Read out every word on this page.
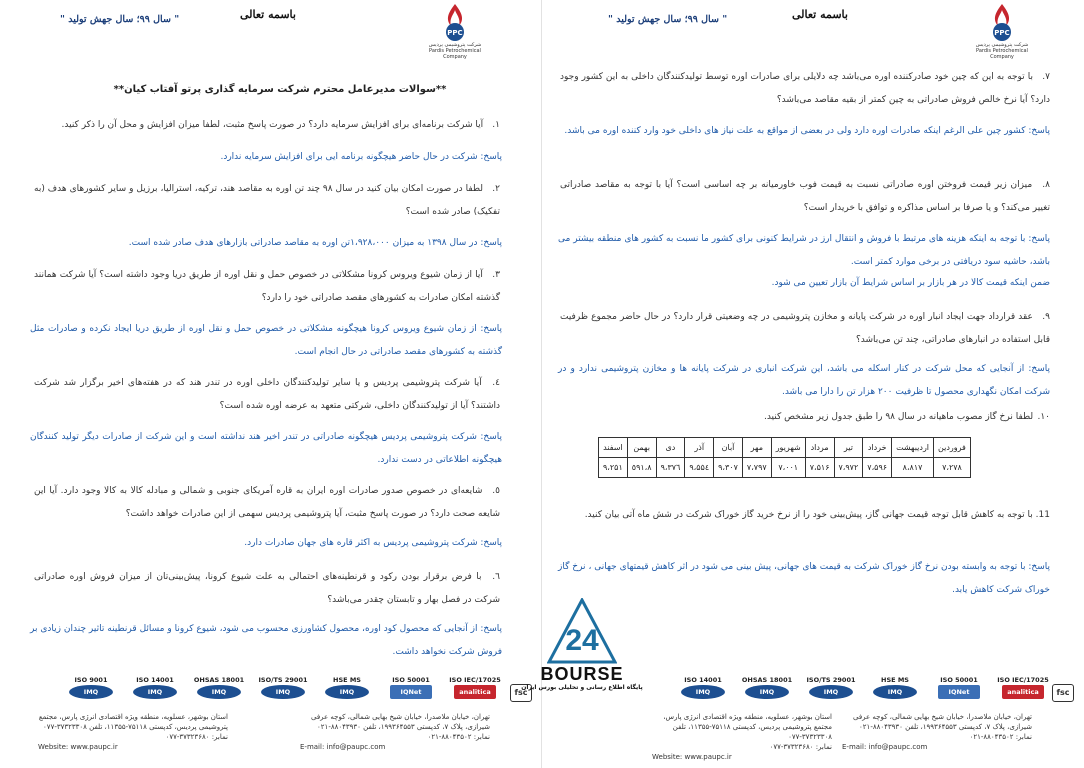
PPC
شرکت پتروشیمی پردیس
Pardis Petrochemical Company
باسمه تعالی
" سال ۹۹؛ سال جهش تولید "
**سوالات مدیرعامل محترم شرکت سرمایه گذاری پرتو آفتاب کیان**
۱. آیا شرکت برنامه‌ای برای افزایش سرمایه دارد؟ در صورت پاسخ مثبت، لطفا میزان افزایش و محل آن را ذکر کنید.
پاسخ: شرکت در حال حاضر هیچگونه برنامه ایی برای افزایش سرمایه ندارد.
۲. لطفا در صورت امکان بیان کنید در سال ۹۸ چند تن اوره به مقاصد هند، ترکیه، استرالیا، برزیل و سایر کشورهای هدف (به تفکیک) صادر شده است؟
پاسخ: در سال ۱۳۹۸ به میزان ۱،۹۲۸،۰۰۰تن اوره به مقاصد صادراتی بازارهای هدف صادر شده است.
۳. آیا از زمان شیوع ویروس کرونا مشکلاتی در خصوص حمل و نقل اوره از طریق دریا وجود داشته است؟ آیا شرکت همانند گذشته امکان صادرات به کشورهای مقصد صادراتی خود را دارد؟
پاسخ: از زمان شیوع ویروس کرونا هیچگونه مشکلاتی در خصوص حمل و نقل اوره از طریق دریا ایجاد نکرده و صادرات مثل گذشته به کشورهای مقصد صادراتی در حال انجام است.
٤. آیا شرکت پتروشیمی پردیس و یا سایر تولیدکنندگان داخلی اوره در تندر هند که در هفته‌های اخیر برگزار شد شرکت داشتند؟ آیا از تولیدکنندگان داخلی، شرکتی متعهد به عرضه اوره شده است؟
پاسخ: شرکت پتروشیمی پردیس هیچگونه صادراتی در تندر اخیر هند نداشته است و این شرکت از صادرات دیگر تولید کنندگان هیچگونه اطلاعاتی در دست ندارد.
٥. شایعه‌ای در خصوص صدور صادرات اوره ایران به قاره آمریکای جنوبی و شمالی و مبادله کالا به کالا وجود دارد. آیا این شایعه صحت دارد؟ در صورت پاسخ مثبت، آیا پتروشیمی پردیس سهمی از این صادرات خواهد داشت؟
پاسخ: شرکت پتروشیمی پردیس به اکثر قاره های جهان صادرات دارد.
٦. با فرض برقرار بودن رکود و قرنطینه‌های احتمالی به علت شیوع کرونا، پیش‌بینی‌تان از میزان فروش اوره صادراتی شرکت در فصل بهار و تابستان چقدر می‌باشد؟
پاسخ: از آنجایی که محصول کود اوره، محصول کشاورزی محسوب می شود، شیوع کرونا و مسائل قرنطینه تاثیر چندان زیادی بر فروش شرکت نخواهد داشت.
ISO IEC/17025
analitica
ISO 50001
IQNet
HSE MS
IMQ
ISO/TS 29001
IMQ
OHSAS 18001
IMQ
ISO 14001
IMQ
ISO 9001
IMQ	fsc
تهران، خیابان ملاصدرا، خیابان شیخ بهایی شمالی، کوچه عرفی شیرازی، پلاک ۷، کدپستی ۱۹۹۳۶۴۵۵۳، تلفن ۸۸۰۴۳۹۳۰-۰۲۱
نمابر: ۸۸۰۴۳۵۰۲-۰۲۱
E-mail: info@paupc.com
استان بوشهر، عسلویه، منطقه ویژه اقتصادی انرژی پارس، مجتمع پتروشیمی پردیس، کدپستی ۷۵۱۱۸-۱۱۳۵۵، تلفن ۳۷۳۲۳۳۰۸-۰۷۷
نمابر: ۳۷۳۲۳۶۸۰-۰۷۷
Website: www.paupc.ir
PPC
شرکت پتروشیمی پردیس
Pardis Petrochemical Company
باسمه تعالی
" سال ۹۹؛ سال جهش تولید "
۷. با توجه به این که چین خود صادرکننده اوره می‌باشد چه دلایلی برای صادرات اوره توسط تولیدکنندگان داخلی به این کشور وجود دارد؟ آیا نرخ خالص فروش صادراتی به چین کمتر از بقیه مقاصد می‌باشد؟
پاسخ: کشور چین علی الرغم اینکه صادرات اوره دارد ولی در بعضی از مواقع به علت نیاز های داخلی خود وارد کننده اوره می باشد.
۸. میزان زیر قیمت فروختن اوره صادراتی نسبت به قیمت فوب خاورمیانه بر چه اساسی است؟ آیا با توجه به مقاصد صادراتی تغییر می‌کند؟ و یا صرفا بر اساس مذاکره و توافق با خریدار است؟
پاسخ: با توجه به اینکه هزینه های مرتبط با فروش و انتقال ارز در شرایط کنونی برای کشور ما نسبت به کشور های منطقه بیشتر می باشد، حاشیه سود دریافتی در برخی موارد کمتر است.
ضمن اینکه قیمت کالا در هر بازار بر اساس شرایط آن بازار تعیین می شود.
۹. عقد قرارداد جهت ایجاد انبار اوره در شرکت پایانه و مخازن پتروشیمی در چه وضعیتی قرار دارد؟ در حال حاضر مجموع ظرفیت قابل استفاده در انبارهای صادراتی، چند تن می‌باشد؟
پاسخ: از آنجایی که محل شرکت در کنار اسکله می باشد، این شرکت انباری در شرکت پایانه ها و مخازن پتروشیمی ندارد و در شرکت امکان نگهداری محصول تا ظرفیت ۲۰۰ هزار تن را دارا می باشد.
۱۰. لطفا نرخ گاز مصوب ماهیانه در سال ۹۸ را طبق جدول زیر مشخص کنید.
فروردین	اردیبهشت	خرداد	تیر	مرداد	شهریور	مهر	آبان	آذر	دی	بهمن	اسفند
۷،۲۷۸	۸،۸۱۷	۷،۵۹۶	۷،۹۷۲	۷،۵۱۶	۷،۰۰۱	۷،۷۹۷	۹،۳۰۷	۹،۵۵٤	۹،۳۷٦	۸،٥۹۱	۹،۲۵۱
11. با توجه به کاهش قابل توجه قیمت جهانی گاز، پیش‌بینی خود را از نرخ خرید گاز خوراک شرکت در شش ماه آتی بیان کنید.
پاسخ: با توجه به وابسته بودن نرخ گاز خوراک شرکت به قیمت های جهانی، پیش بینی می شود در اثر کاهش قیمتهای جهانی ، نرخ گاز خوراک شرکت کاهش یابد.
ISO IEC/17025
analitica
ISO 50001
IQNet
HSE MS
IMQ
ISO/TS 29001
IMQ
OHSAS 18001
IMQ
ISO 14001
IMQ	fsc
تهران، خیابان ملاصدرا، خیابان شیخ بهایی شمالی، کوچه عرفی شیرازی، پلاک ۷، کدپستی ۱۹۹۳۶۴۵۵۳، تلفن ۸۸۰۴۳۹۳۰-۰۲۱
نمابر: ۸۸۰۴۳۵۰۲-۰۲۱
E-mail: info@paupc.com
استان بوشهر، عسلویه، منطقه ویژه اقتصادی انرژی پارس، مجتمع پتروشیمی پردیس، کدپستی ۷۵۱۱۸-۱۱۳۵۵، تلفن ۳۷۳۲۳۳۰۸-۰۷۷
نمابر: ۳۷۳۲۳۶۸۰-۰۷۷
Website: www.paupc.ir
24
BOURSE
پایگاه اطلاع رسانی و تحلیلی بورس ایران
